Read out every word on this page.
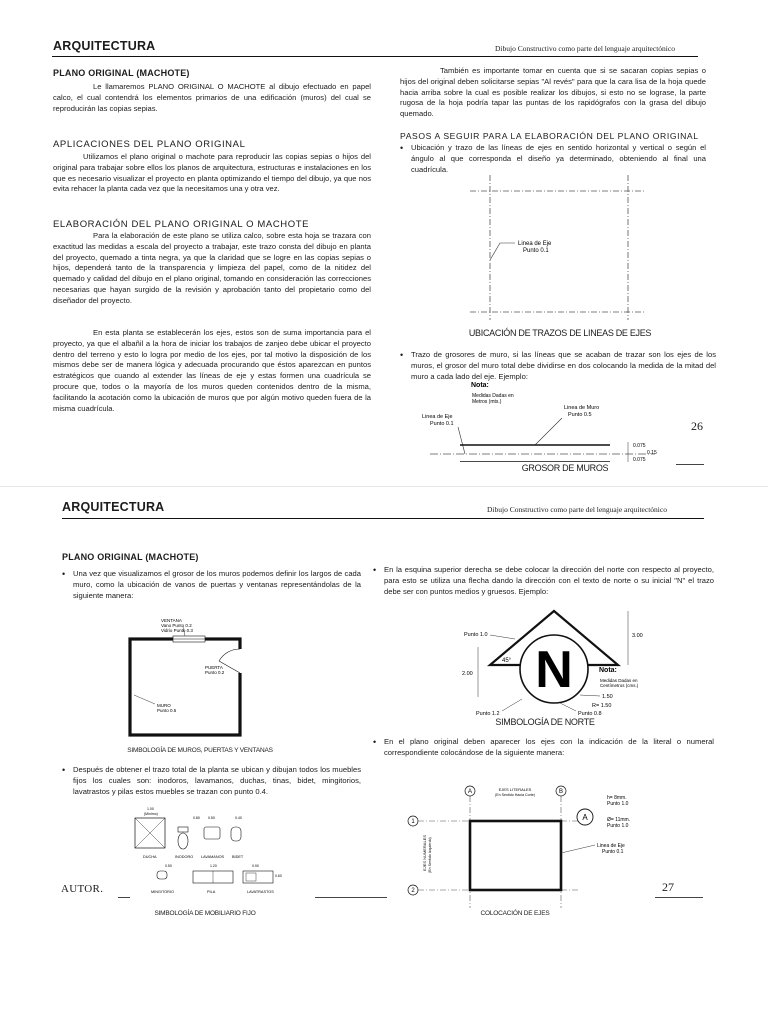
ARQUITECTURA	Dibujo Constructivo como parte del lenguaje arquitectónico
PLANO ORIGINAL (MACHOTE)

Le llamaremos PLANO ORIGINAL O MACHOTE al dibujo efectuado en papel calco, el cual contendrá los elementos primarios de una edificación (muros) del cual se reproducirán las copias sepias.

APLICACIONES DEL PLANO ORIGINAL

Utilizamos el plano original o machote para reproducir las copias sepias o hijos del original para trabajar sobre ellos los planos de arquitectura, estructuras e instalaciones en los que es necesario visualizar el proyecto en planta optimizando el tiempo del dibujo, ya que nos evita rehacer la planta cada vez que la necesitamos una y otra vez.

ELABORACIÓN DEL PLANO ORIGINAL O MACHOTE

Para la elaboración de este plano se utiliza calco, sobre esta hoja se trazara con exactitud las medidas a escala del proyecto a trabajar, este trazo consta del dibujo en planta del proyecto, quemado a tinta negra, ya que la claridad que se logre en las copias sepias o hijos, dependerá tanto de la transparencia y limpieza del papel, como de la nitidez del quemado y calidad del dibujo en el plano original, tomando en consideración las correcciones necesarias que hayan surgido de la revisión y aprobación tanto del propietario como del diseñador del proyecto.

En esta planta se establecerán los ejes, estos son de suma importancia para el proyecto, ya que el albañil a la hora de iniciar los trabajos de zanjeo debe ubicar el proyecto dentro del terreno y esto lo logra por medio de los ejes, por tal motivo la disposición de los mismos debe ser de manera lógica y adecuada procurando que éstos aparezcan en puntos estratégicos que cuando al extender las líneas de eje y estas formen una cuadrícula se procure que, todos o la mayoría de los muros queden contenidos dentro de la misma, facilitando la acotación como la ubicación de muros que por algún motivo queden fuera de la misma cuadrícula.

También es importante tomar en cuenta que si se sacaran copias sepias o hijos del original deben solicitarse sepias "Al revés" para que la cara lisa de la hoja quede hacia arriba sobre la cual es posible realizar los dibujos, si esto no se lograse, la parte rugosa de la hoja podría tapar las puntas de los rapidógrafos con la grasa del dibujo quemado.

PASOS A SEGUIR PARA LA ELABORACIÓN DEL PLANO ORIGINAL

• Ubicación y trazo de las líneas de ejes en sentido horizontal y vertical o según el ángulo al que corresponda el diseño ya determinado, obteniendo al final una cuadrícula.

Linea de Eje
Punto 0.1
UBICACIÓN DE TRAZOS DE LINEAS DE EJES

• Trazo de grosores de muro, si las líneas que se acaban de trazar son los ejes de los muros, el grosor del muro total debe dividirse en dos colocando la medida de la mitad del muro a cada lado del eje. Ejemplo:

Nota:
Medidas Dadas en
Metros (mts.)
Linea de Muro
Punto 0.5
Linea de Eje
Punto 0.1
0.075
0.15
0.075
GROSOR DE MUROS
26
ARQUITECTURA	Dibujo Constructivo como parte del lenguaje arquitectónico
PLANO ORIGINAL (MACHOTE)

• Una vez que visualizamos el grosor de los muros podemos definir los largos de cada muro, como la ubicación de vanos de puertas y ventanas representándolas de la siguiente manera:

VENTANA
Vano Punto 0.2
Vidrio Punto 0.3
PUERTA
Punto 0.2
MURO
Punto 0.5
SIMBOLOGÍA DE MUROS, PUERTAS Y VENTANAS

• Después de obtener el trazo total de la planta se ubican y dibujan todos los muebles fijos los cuales son: inodoros, lavamanos, duchas, tinas, bidet, mingitorios, lavatrastos y pilas estos muebles se trazan con punto 0.4.

1.00
(Mínimo)
0.80 0.50	0.40
DUCHA	INODORO LAVAMANOS BIDET
0.50	1.20	0.90
0.60
MINGITORIO	PILA	LAVATRASTOS
SIMBOLOGÍA DE MOBILIARIO FIJO
AUTOR.

• En la esquina superior derecha se debe colocar la dirección del norte con respecto al proyecto, para esto se utiliza una flecha dando la dirección con el texto de norte o su inicial "N" el trazo debe ser con puntos medios y gruesos. Ejemplo:

N
Punto 1.0
45°
3.00
2.00	Nota:
Medidas Dadas en
Centímetros (cms.)
1.50
R= 1.50
Punto 1.2	Punto 0.8
SIMBOLOGÍA DE NORTE

• En el plano original deben aparecer los ejes con la indicación de la literal o numeral correspondiente colocándose de la siguiente manera:

A	B
EJES LITERALES
(En Sentido Hacia Corte)
1
2
EJES NUMERALES (En Sentido Izquierdo)
A
h= 8mm.
Punto 1.0
Ø= 11mm.
Punto 1.0
Linea de Eje
Punto 0.1
COLOCACIÓN DE EJES
27
